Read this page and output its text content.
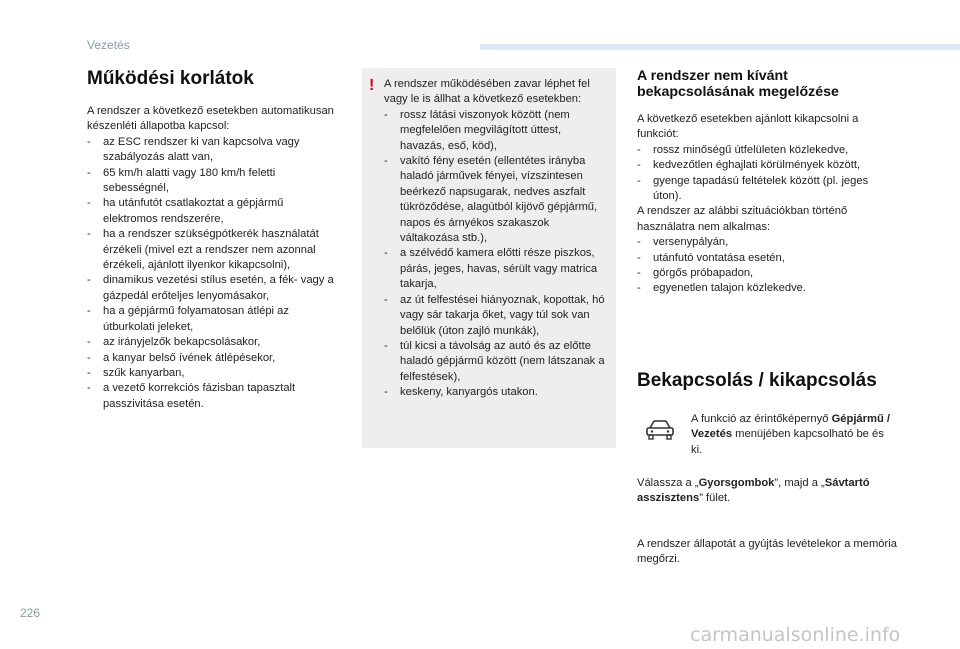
Vezetés
Működési korlátok

A rendszer a következő esetekben automatikusan készenléti állapotba kapcsol:

- az ESC rendszer ki van kapcsolva vagy szabályozás alatt van,
- 65 km/h alatti vagy 180 km/h feletti sebességnél,
- ha utánfutót csatlakoztat a gépjármű elektromos rendszerére,
- ha a rendszer szükségpótkerék használatát érzékeli (mivel ezt a rendszer nem azonnal érzékeli, ajánlott ilyenkor kikapcsolni),
- dinamikus vezetési stílus esetén, a fék- vagy a gázpedál erőteljes lenyomásakor,
- ha a gépjármű folyamatosan átlépi az útburkolati jeleket,
- az irányjelzők bekapcsolásakor,
- a kanyar belső ívének átlépésekor,
- szűk kanyarban,
- a vezető korrekciós fázisban tapasztalt passzivitása esetén.
! A rendszer működésében zavar léphet fel vagy le is állhat a következő esetekben:

- rossz látási viszonyok között (nem megfelelően megvilágított úttest, havazás, eső, köd),
- vakító fény esetén (ellentétes irányba haladó járművek fényei, vízszintesen beérkező napsugarak, nedves aszfalt tükröződése, alagútból kijövő gépjármű, napos és árnyékos szakaszok váltakozása stb.),
- a szélvédő kamera előtti része piszkos, párás, jeges, havas, sérült vagy matrica takarja,
- az út felfestései hiányoznak, kopottak, hó vagy sár takarja őket, vagy túl sok van belőlük (úton zajló munkák),
- túl kicsi a távolság az autó és az előtte haladó gépjármű között (nem látszanak a felfestések),
- keskeny, kanyargós utakon.
A rendszer nem kívánt bekapcsolásának megelőzése

A következő esetekben ajánlott kikapcsolni a funkciót:

- rossz minőségű útfelületen közlekedve,
- kedvezőtlen éghajlati körülmények között,
- gyenge tapadású feltételek között (pl. jeges úton).

A rendszer az alábbi szituációkban történő használatra nem alkalmas:

- versenypályán,
- utánfutó vontatása esetén,
- görgős próbapadon,
- egyenetlen talajon közlekedve.
Bekapcsolás / kikapcsolás
A funkció az érintőképernyő Gépjármű / Vezetés menüjében kapcsolható be és ki.

Válassza a „Gyorsgombok”, majd a „Sávtartó asszisztens” fület.

A rendszer állapotát a gyújtás levételekor a memória megőrzi.

226
carmanualsonline.info
